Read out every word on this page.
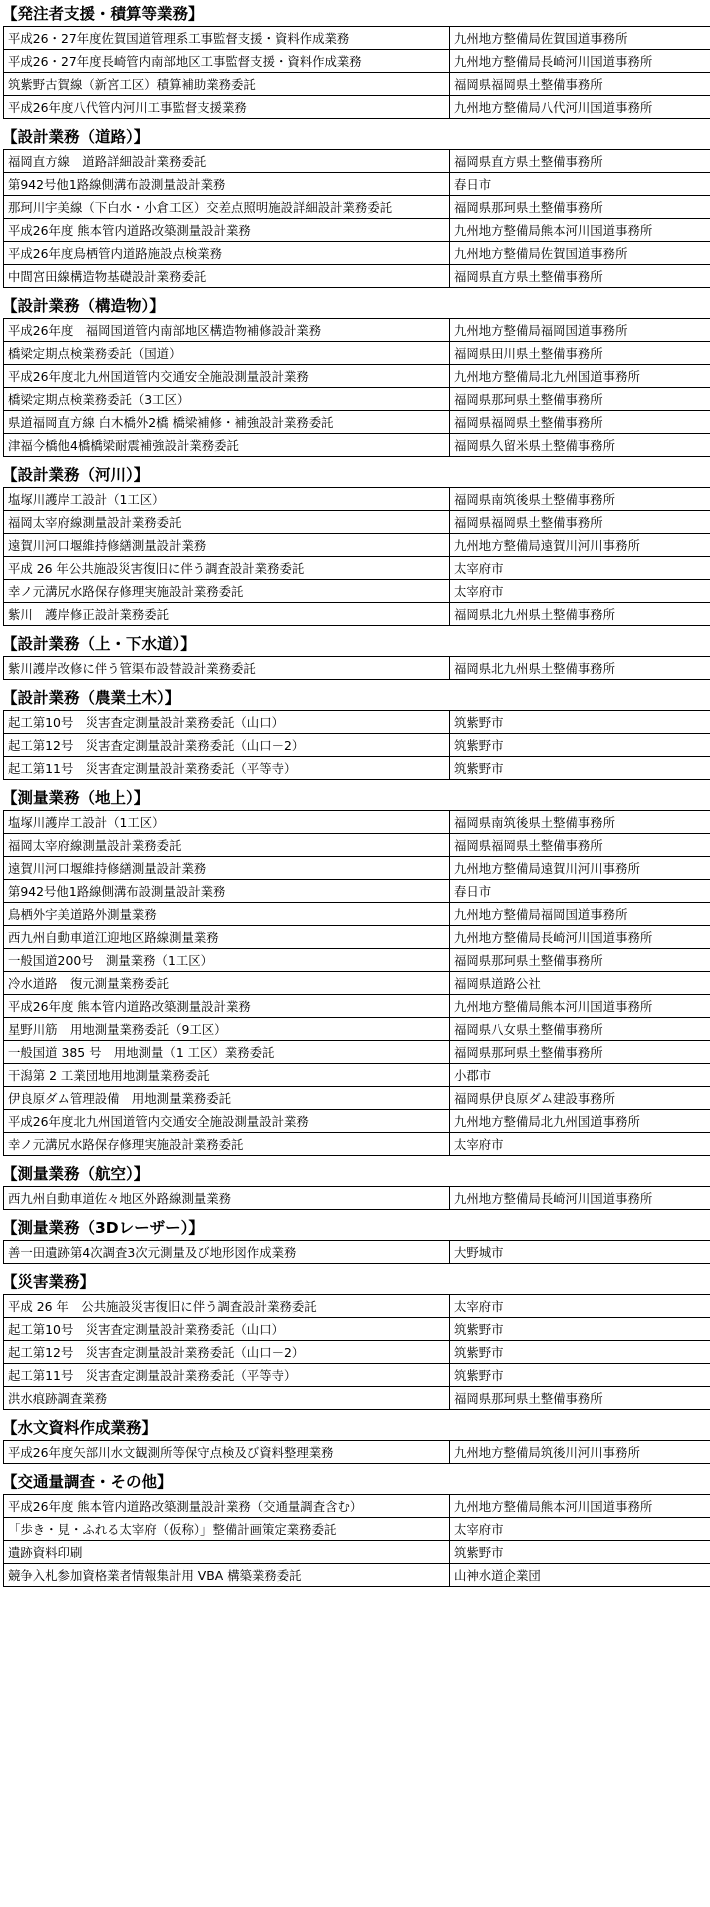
【発注者支援・積算等業務】
平成26・27年度佐賀国道管理系工事監督支援・資料作成業務	九州地方整備局佐賀国道事務所
平成26・27年度長崎管内南部地区工事監督支援・資料作成業務	九州地方整備局長崎河川国道事務所
筑紫野古賀線（新宮工区）積算補助業務委託	福岡県福岡県土整備事務所
平成26年度八代管内河川工事監督支援業務	九州地方整備局八代河川国道事務所
【設計業務（道路）】
福岡直方線　道路詳細設計業務委託	福岡県直方県土整備事務所
第942号他1路線側溝布設測量設計業務	春日市
那珂川宇美線（下白水・小倉工区）交差点照明施設詳細設計業務委託	福岡県那珂県土整備事務所
平成26年度 熊本管内道路改築測量設計業務	九州地方整備局熊本河川国道事務所
平成26年度鳥栖管内道路施設点検業務	九州地方整備局佐賀国道事務所
中間宮田線構造物基礎設計業務委託	福岡県直方県土整備事務所
【設計業務（構造物）】
平成26年度　福岡国道管内南部地区構造物補修設計業務	九州地方整備局福岡国道事務所
橋梁定期点検業務委託（国道）	福岡県田川県土整備事務所
平成26年度北九州国道管内交通安全施設測量設計業務	九州地方整備局北九州国道事務所
橋梁定期点検業務委託（3工区）	福岡県那珂県土整備事務所
県道福岡直方線 白木橋外2橋 橋梁補修・補強設計業務委託	福岡県福岡県土整備事務所
津福今橋他4橋橋梁耐震補強設計業務委託	福岡県久留米県土整備事務所
【設計業務（河川）】
塩塚川護岸工設計（1工区）	福岡県南筑後県土整備事務所
福岡太宰府線測量設計業務委託	福岡県福岡県土整備事務所
遠賀川河口堰維持修繕測量設計業務	九州地方整備局遠賀川河川事務所
平成 26 年公共施設災害復旧に伴う調査設計業務委託	太宰府市
幸ノ元溝尻水路保存修理実施設計業務委託	太宰府市
紫川　護岸修正設計業務委託	福岡県北九州県土整備事務所
【設計業務（上・下水道）】
紫川護岸改修に伴う管渠布設替設計業務委託	福岡県北九州県土整備事務所
【設計業務（農業土木）】
起工第10号　災害査定測量設計業務委託（山口）	筑紫野市
起工第12号　災害査定測量設計業務委託（山口－2）	筑紫野市
起工第11号　災害査定測量設計業務委託（平等寺）	筑紫野市
【測量業務（地上）】
塩塚川護岸工設計（1工区）	福岡県南筑後県土整備事務所
福岡太宰府線測量設計業務委託	福岡県福岡県土整備事務所
遠賀川河口堰維持修繕測量設計業務	九州地方整備局遠賀川河川事務所
第942号他1路線側溝布設測量設計業務	春日市
鳥栖外宇美道路外測量業務	九州地方整備局福岡国道事務所
西九州自動車道江迎地区路線測量業務	九州地方整備局長崎河川国道事務所
一般国道200号　測量業務（1工区）	福岡県那珂県土整備事務所
冷水道路　復元測量業務委託	福岡県道路公社
平成26年度 熊本管内道路改築測量設計業務	九州地方整備局熊本河川国道事務所
星野川筋　用地測量業務委託（9工区）	福岡県八女県土整備事務所
一般国道 385 号　用地測量（1 工区）業務委託	福岡県那珂県土整備事務所
干潟第 2 工業団地用地測量業務委託	小郡市
伊良原ダム管理設備　用地測量業務委託	福岡県伊良原ダム建設事務所
平成26年度北九州国道管内交通安全施設測量設計業務	九州地方整備局北九州国道事務所
幸ノ元溝尻水路保存修理実施設計業務委託	太宰府市
【測量業務（航空）】
西九州自動車道佐々地区外路線測量業務	九州地方整備局長崎河川国道事務所
【測量業務（3Dレーザー）】
善一田遺跡第4次調査3次元測量及び地形図作成業務	大野城市
【災害業務】
平成 26 年　公共施設災害復旧に伴う調査設計業務委託	太宰府市
起工第10号　災害査定測量設計業務委託（山口）	筑紫野市
起工第12号　災害査定測量設計業務委託（山口－2）	筑紫野市
起工第11号　災害査定測量設計業務委託（平等寺）	筑紫野市
洪水痕跡調査業務	福岡県那珂県土整備事務所
【水文資料作成業務】
平成26年度矢部川水文観測所等保守点検及び資料整理業務	九州地方整備局筑後川河川事務所
【交通量調査・その他】
平成26年度 熊本管内道路改築測量設計業務（交通量調査含む）	九州地方整備局熊本河川国道事務所
「歩き・見・ふれる太宰府（仮称）」整備計画策定業務委託	太宰府市
遺跡資料印刷	筑紫野市
競争入札参加資格業者情報集計用 VBA 構築業務委託	山神水道企業団
